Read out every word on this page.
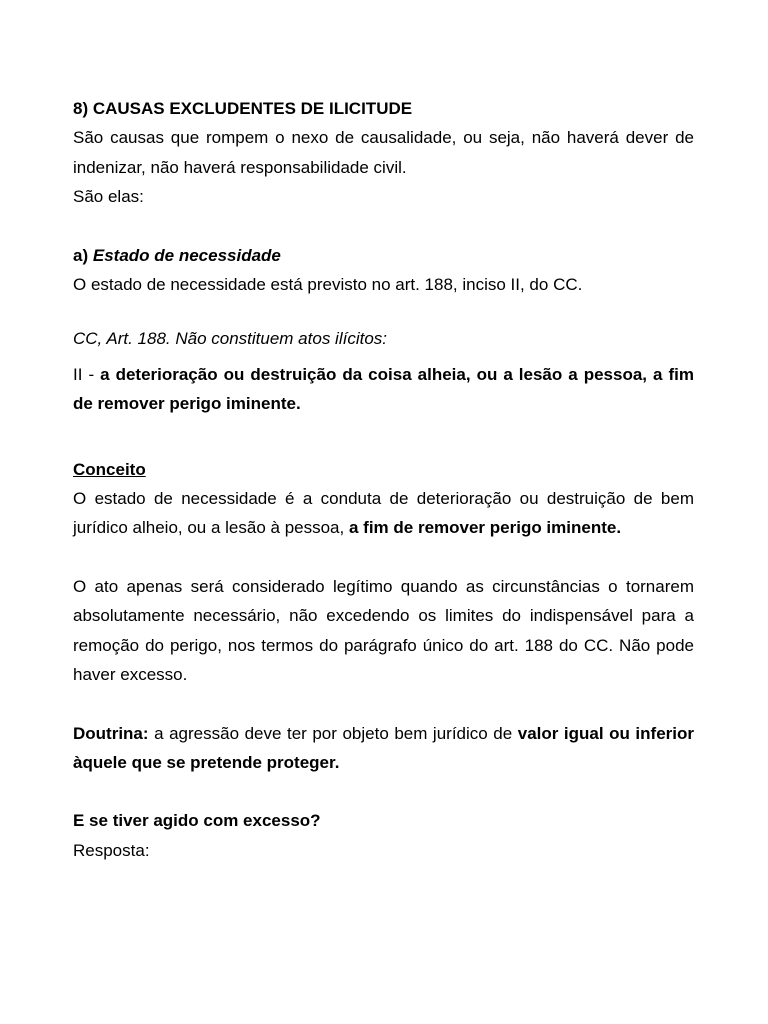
8) CAUSAS EXCLUDENTES DE ILICITUDE

São causas que rompem o nexo de causalidade, ou seja, não haverá dever de indenizar, não haverá responsabilidade civil.

São elas:

a) Estado de necessidade

O estado de necessidade está previsto no art. 188, inciso II, do CC.

CC, Art. 188. Não constituem atos ilícitos:

II - a deterioração ou destruição da coisa alheia, ou a lesão a pessoa, a fim de remover perigo iminente.

Conceito

O estado de necessidade é a conduta de deterioração ou destruição de bem jurídico alheio, ou a lesão à pessoa, a fim de remover perigo iminente.

O ato apenas será considerado legítimo quando as circunstâncias o tornarem absolutamente necessário, não excedendo os limites do indispensável para a remoção do perigo, nos termos do parágrafo único do art. 188 do CC. Não pode haver excesso.

Doutrina: a agressão deve ter por objeto bem jurídico de valor igual ou inferior àquele que se pretende proteger.

E se tiver agido com excesso?

Resposta:
